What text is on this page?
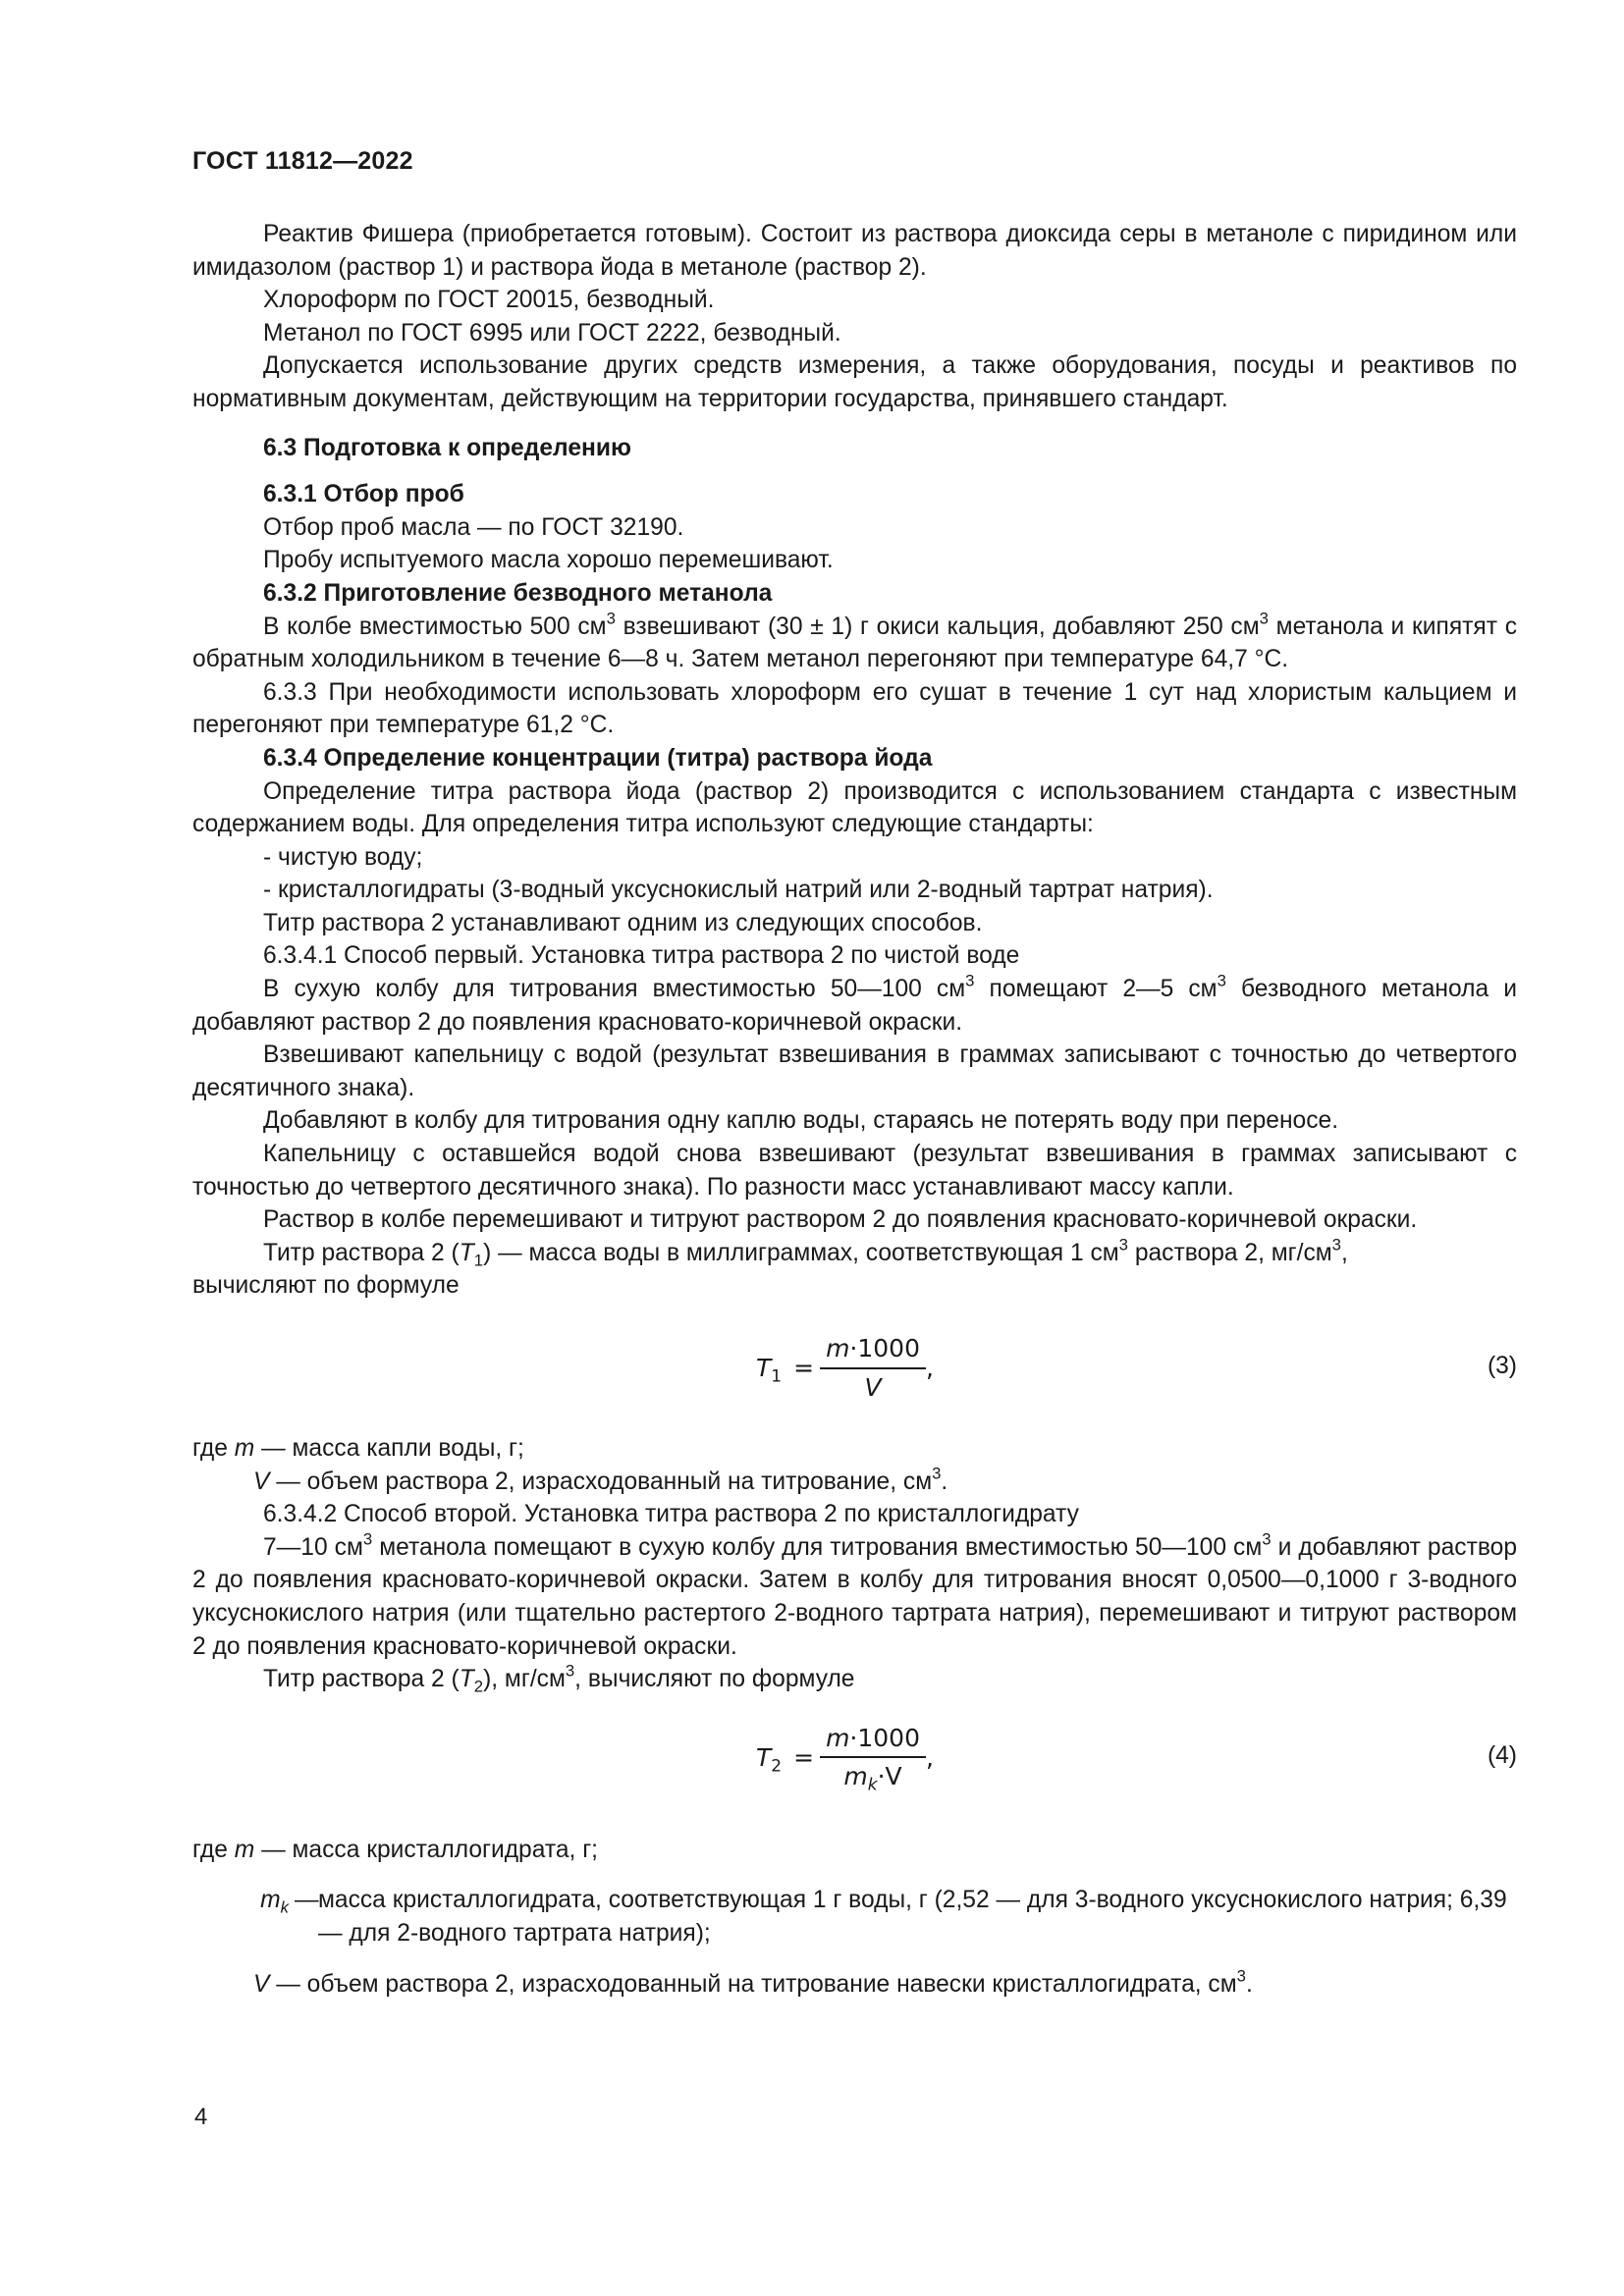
ГОСТ 11812—2022

Реактив Фишера (приобретается готовым). Состоит из раствора диоксида серы в метаноле с пиридином или имидазолом (раствор 1) и раствора йода в метаноле (раствор 2).

Хлороформ по ГОСТ 20015, безводный.

Метанол по ГОСТ 6995 или ГОСТ 2222, безводный.

Допускается использование других средств измерения, а также оборудования, посуды и реактивов по нормативным документам, действующим на территории государства, принявшего стандарт.

6.3 Подготовка к определению

6.3.1 Отбор проб

Отбор проб масла — по ГОСТ 32190.

Пробу испытуемого масла хорошо перемешивают.

6.3.2 Приготовление безводного метанола

В колбе вместимостью 500 $см^3$ взвешивают (30 ± 1) г окиси кальция, добавляют 250 $см^3$ метанола и кипятят с обратным холодильником в течение 6—8 ч. Затем метанол перегоняют при температуре 64,7 °С.

6.3.3 При необходимости использовать хлороформ его сушат в течение 1 сут над хлористым кальцием и перегоняют при температуре 61,2 °С.

6.3.4 Определение концентрации (титра) раствора йода

Определение титра раствора йода (раствор 2) производится с использованием стандарта с известным содержанием воды. Для определения титра используют следующие стандарты:

- чистую воду;

- кристаллогидраты (3-водный уксуснокислый натрий или 2-водный тартрат натрия).

Титр раствора 2 устанавливают одним из следующих способов.

6.3.4.1 Способ первый. Установка титра раствора 2 по чистой воде

В сухую колбу для титрования вместимостью 50—100 $см^3$ помещают 2—5 $см^3$ безводного метанола и добавляют раствор 2 до появления красновато-коричневой окраски.

Взвешивают капельницу с водой (результат взвешивания в граммах записывают с точностью до четвертого десятичного знака).

Добавляют в колбу для титрования одну каплю воды, стараясь не потерять воду при переносе.

Капельницу с оставшейся водой снова взвешивают (результат взвешивания в граммах записывают с точностью до четвертого десятичного знака). По разности масс устанавливают массу капли.

Раствор в колбе перемешивают и титруют раствором 2 до появления красновато-коричневой окраски.

Титр раствора 2 $(T_1)$ — масса воды в миллиграммах, соответствующая 1 $см^3$ раствора 2, $мг/см^3$,

вычисляют по формуле

$T_1 = \frac{m\cdot 1000}{V}$ ,	(3)

где m — масса капли воды, г;

V — объем раствора 2, израсходованный на титрование, $см^3$.

6.3.4.2 Способ второй. Установка титра раствора 2 по кристаллогидрату

7—10 $см^3$ метанола помещают в сухую колбу для титрования вместимостью 50—100 $см^3$ и добавляют раствор 2 до появления красновато-коричневой окраски. Затем в колбу для титрования вносят 0,0500—0,1000 г 3-водного уксуснокислого натрия (или тщательно растертого 2-водного тартрата натрия), перемешивают и титруют раствором 2 до появления красновато-коричневой окраски.

Титр раствора 2 $(T_2)$, $мг/см^3$, вычисляют по формуле

$T_2 = \frac{m\cdot 1000}{m_k\cdot V}$ ,	(4)

где m — масса кристаллогидрата, г;

$m_k$ — масса кристаллогидрата, соответствующая 1 г воды, г (2,52 — для 3-водного уксуснокислого натрия; 6,39 — для 2-водного тартрата натрия);

V — объем раствора 2, израсходованный на титрование навески кристаллогидрата, $см^3$.

4
